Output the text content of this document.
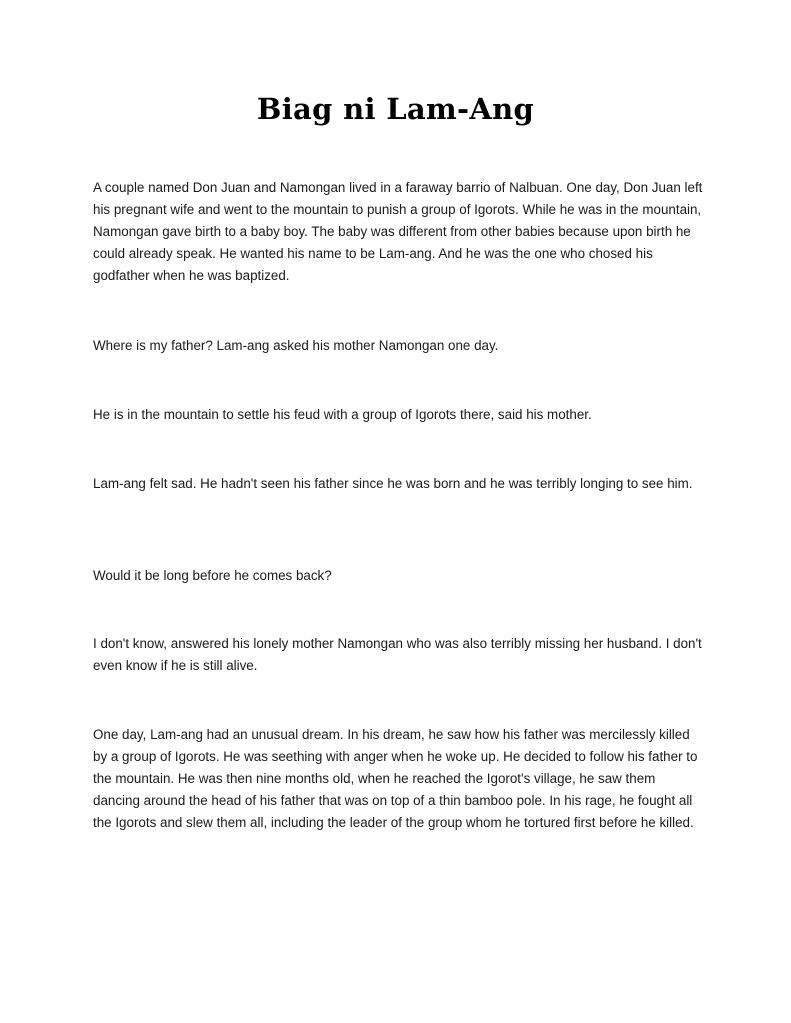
Biag ni Lam-Ang

A couple named Don Juan and Namongan lived in a faraway barrio of Nalbuan. One day, Don Juan left his pregnant wife and went to the mountain to punish a group of Igorots. While he was in the mountain, Namongan gave birth to a baby boy. The baby was different from other babies because upon birth he could already speak. He wanted his name to be Lam-ang. And he was the one who chosed his godfather when he was baptized.

Where is my father? Lam-ang asked his mother Namongan one day.

He is in the mountain to settle his feud with a group of Igorots there, said his mother.

Lam-ang felt sad. He hadn't seen his father since he was born and he was terribly longing to see him.

Would it be long before he comes back?

I don't know, answered his lonely mother Namongan who was also terribly missing her husband. I don't even know if he is still alive.

One day, Lam-ang had an unusual dream. In his dream, he saw how his father was mercilessly killed by a group of Igorots. He was seething with anger when he woke up. He decided to follow his father to the mountain. He was then nine months old, when he reached the Igorot's village, he saw them dancing around the head of his father that was on top of a thin bamboo pole. In his rage, he fought all the Igorots and slew them all, including the leader of the group whom he tortured first before he killed.
